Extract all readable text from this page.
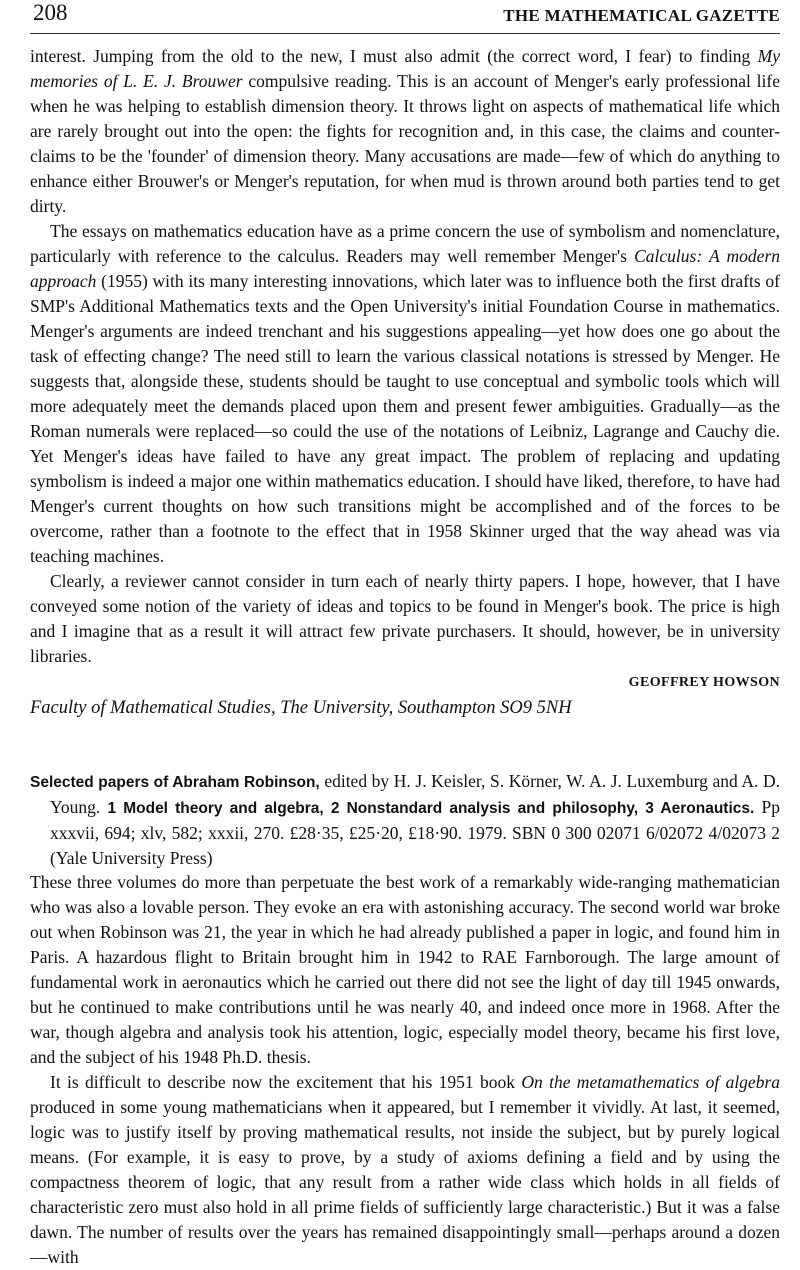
208	THE MATHEMATICAL GAZETTE

interest. Jumping from the old to the new, I must also admit (the correct word, I fear) to finding My memories of L. E. J. Brouwer compulsive reading. This is an account of Menger's early professional life when he was helping to establish dimension theory. It throws light on aspects of mathematical life which are rarely brought out into the open: the fights for recognition and, in this case, the claims and counter-claims to be the 'founder' of dimension theory. Many accusations are made—few of which do anything to enhance either Brouwer's or Menger's reputation, for when mud is thrown around both parties tend to get dirty.

The essays on mathematics education have as a prime concern the use of symbolism and nomenclature, particularly with reference to the calculus. Readers may well remember Menger's Calculus: A modern approach (1955) with its many interesting innovations, which later was to influence both the first drafts of SMP's Additional Mathematics texts and the Open University's initial Foundation Course in mathematics. Menger's arguments are indeed trenchant and his suggestions appealing—yet how does one go about the task of effecting change? The need still to learn the various classical notations is stressed by Menger. He suggests that, alongside these, students should be taught to use conceptual and symbolic tools which will more adequately meet the demands placed upon them and present fewer ambiguities. Gradually—as the Roman numerals were replaced—so could the use of the notations of Leibniz, Lagrange and Cauchy die. Yet Menger's ideas have failed to have any great impact. The problem of replacing and updating symbolism is indeed a major one within mathematics education. I should have liked, therefore, to have had Menger's current thoughts on how such transitions might be accomplished and of the forces to be overcome, rather than a footnote to the effect that in 1958 Skinner urged that the way ahead was via teaching machines.

Clearly, a reviewer cannot consider in turn each of nearly thirty papers. I hope, however, that I have conveyed some notion of the variety of ideas and topics to be found in Menger's book. The price is high and I imagine that as a result it will attract few private purchasers. It should, however, be in university libraries.

GEOFFREY HOWSON
Faculty of Mathematical Studies, The University, Southampton SO9 5NH

Selected papers of Abraham Robinson, edited by H. J. Keisler, S. Körner, W. A. J. Luxemburg and A. D. Young. 1 Model theory and algebra, 2 Nonstandard analysis and philosophy, 3 Aeronautics. Pp xxxvii, 694; xlv, 582; xxxii, 270. £28·35, £25·20, £18·90. 1979. SBN 0 300 02071 6/02072 4/02073 2 (Yale University Press)

These three volumes do more than perpetuate the best work of a remarkably wide-ranging mathematician who was also a lovable person. They evoke an era with astonishing accuracy. The second world war broke out when Robinson was 21, the year in which he had already published a paper in logic, and found him in Paris. A hazardous flight to Britain brought him in 1942 to RAE Farnborough. The large amount of fundamental work in aeronautics which he carried out there did not see the light of day till 1945 onwards, but he continued to make contributions until he was nearly 40, and indeed once more in 1968. After the war, though algebra and analysis took his attention, logic, especially model theory, became his first love, and the subject of his 1948 Ph.D. thesis.

It is difficult to describe now the excitement that his 1951 book On the metamathematics of algebra produced in some young mathematicians when it appeared, but I remember it vividly. At last, it seemed, logic was to justify itself by proving mathematical results, not inside the subject, but by purely logical means. (For example, it is easy to prove, by a study of axioms defining a field and by using the compactness theorem of logic, that any result from a rather wide class which holds in all fields of characteristic zero must also hold in all prime fields of sufficiently large characteristic.) But it was a false dawn. The number of results over the years has remained disappointingly small—perhaps around a dozen—with
